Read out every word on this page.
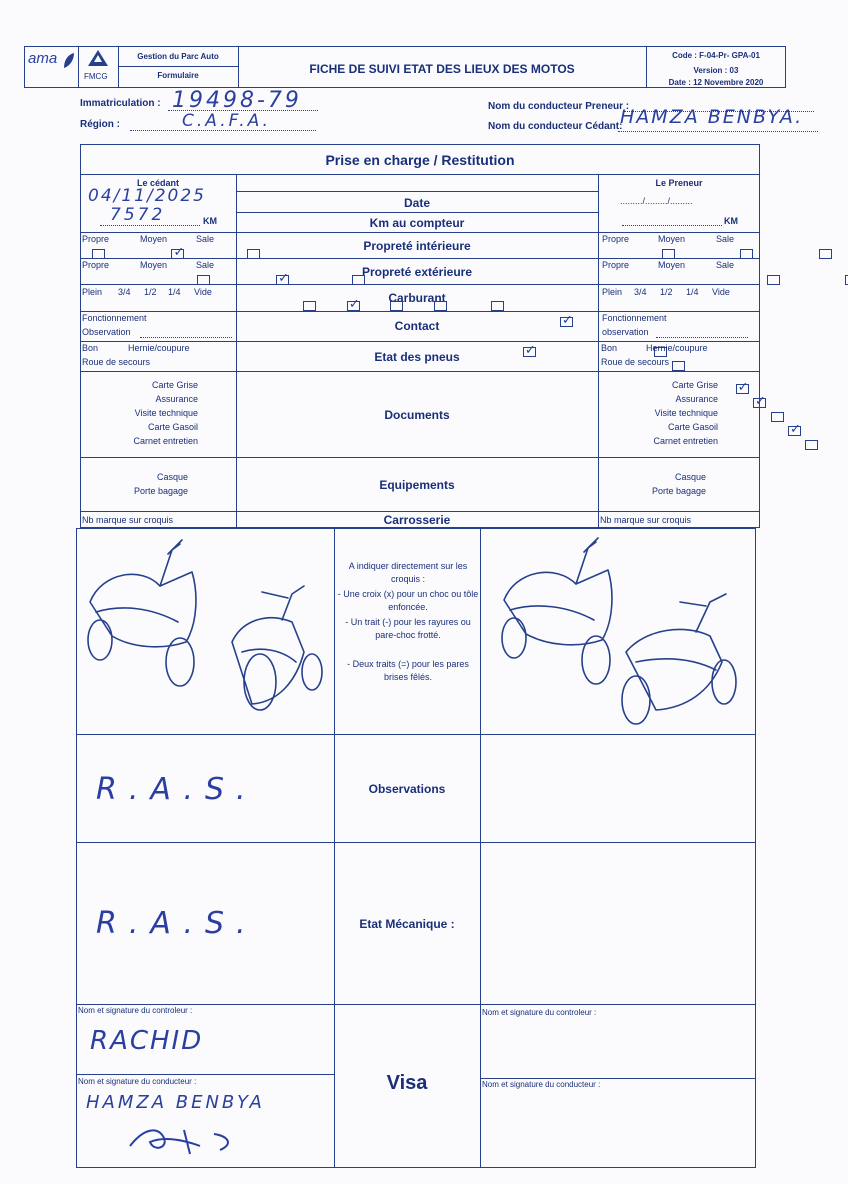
ama
FMCG
Gestion du Parc Auto
Formulaire	FICHE DE SUIVI ETAT DES LIEUX DES MOTOS
Code : F-04-Pr- GPA-01
Version : 03
Date : 12 Novembre 2020
Immatriculation : 19498-79
Région :	C.A.F.A.
Nom du conducteur Preneur :
Nom du conducteur Cédant:
HAMZA BENBYA.
Prise en charge / Restitution
Le cédant	Le Preneur
Date
04/11/2025	........./........./.........
Km au compteur
7572	KM	KM
Propreté intérieure
Propre	Moyen	Sale
✓	Propre	Moyen	Sale

Propreté extérieure
Propre	Moyen	Sale
✓	Propre	Moyen	Sale

Carburant
Plein 3/4 1/2 1/4 Vide
✓	Plein 3/4 1/2 1/4 Vide

Contact
Fonctionnement
✓
Observation
Fonctionnement

observation
Etat des pneus
Bon
✓	Hernie/coupure

Roue de secours

Bon
	Hernie/coupure

Roue de secours

Documents
Carte Grise
Assurance
Visite technique
Carte Gasoil
Carnet entretien
✓ ✓  ✓
Carte Grise
Assurance
Visite technique
Carte Gasoil
Carnet entretien

Equipements
Casque
Porte bagage

Casque
Porte bagage

Carrosserie
Nb marque sur croquis
	Nb marque sur croquis
A indiquer directement sur les croquis :
- Une croix (x) pour un choc ou tôle enfoncée.
- Un trait (-) pour les rayures ou pare-choc frotté.
- Deux traits (=) pour les pares brises fêlés.
Observations
R.A.S.
Etat Mécanique :
R.A.S.
Visa
Nom et signature du controleur :
RACHID
Nom et signature du conducteur :
HAMZA BENBYA
Nom et signature du controleur :
Nom et signature du conducteur :
